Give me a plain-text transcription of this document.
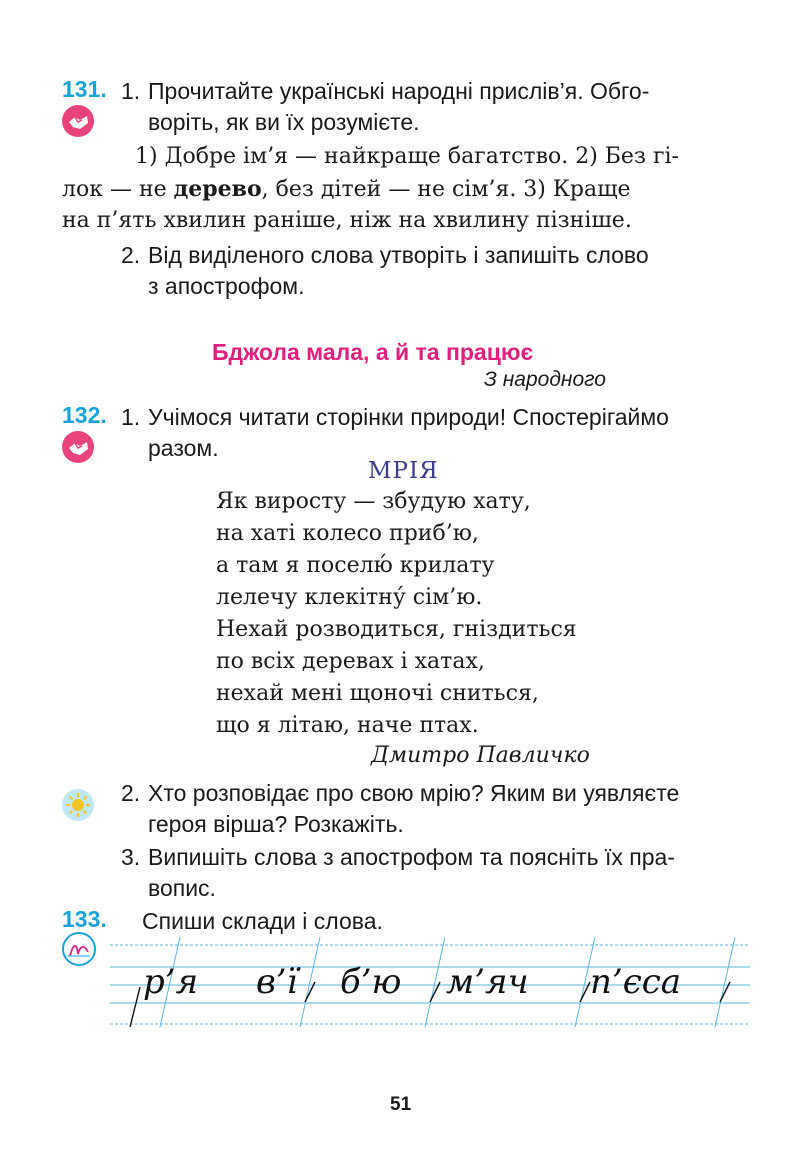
131. 1. Прочитайте українські народні прислів’я. Обго-
воріть, як ви їх розумієте.
1) Добре ім’я — найкраще багатство. 2) Без гі-
лок — не дерево, без дітей — не сім’я. 3) Краще
на п’ять хвилин раніше, ніж на хвилину пізніше.
2. Від виділеного слова утворіть і запишіть слово
з апострофом.
Бджола мала, а й та працює
З народного
132. 1. Учімося читати сторінки природи! Спостерігаймо
разом.
МРІЯ
Як виросту — збудую хату,
на хаті колесо приб’ю,
а там я поселю́ крилату
лелечу клекітну́ сім’ю.
Нехай розводиться, гніздиться
по всіх деревах і хатах,
нехай мені щоночі сниться,
що я літаю, наче птах.
Дмитро Павличко
2. Хто розповідає про свою мрію? Яким ви уявляєте
героя вірша? Розкажіть.
3. Випишіть слова з апострофом та поясніть їх пра-
вопис.
133. Спиши склади і слова.
р’я в’ї б’ю м’яч п’єса
51
